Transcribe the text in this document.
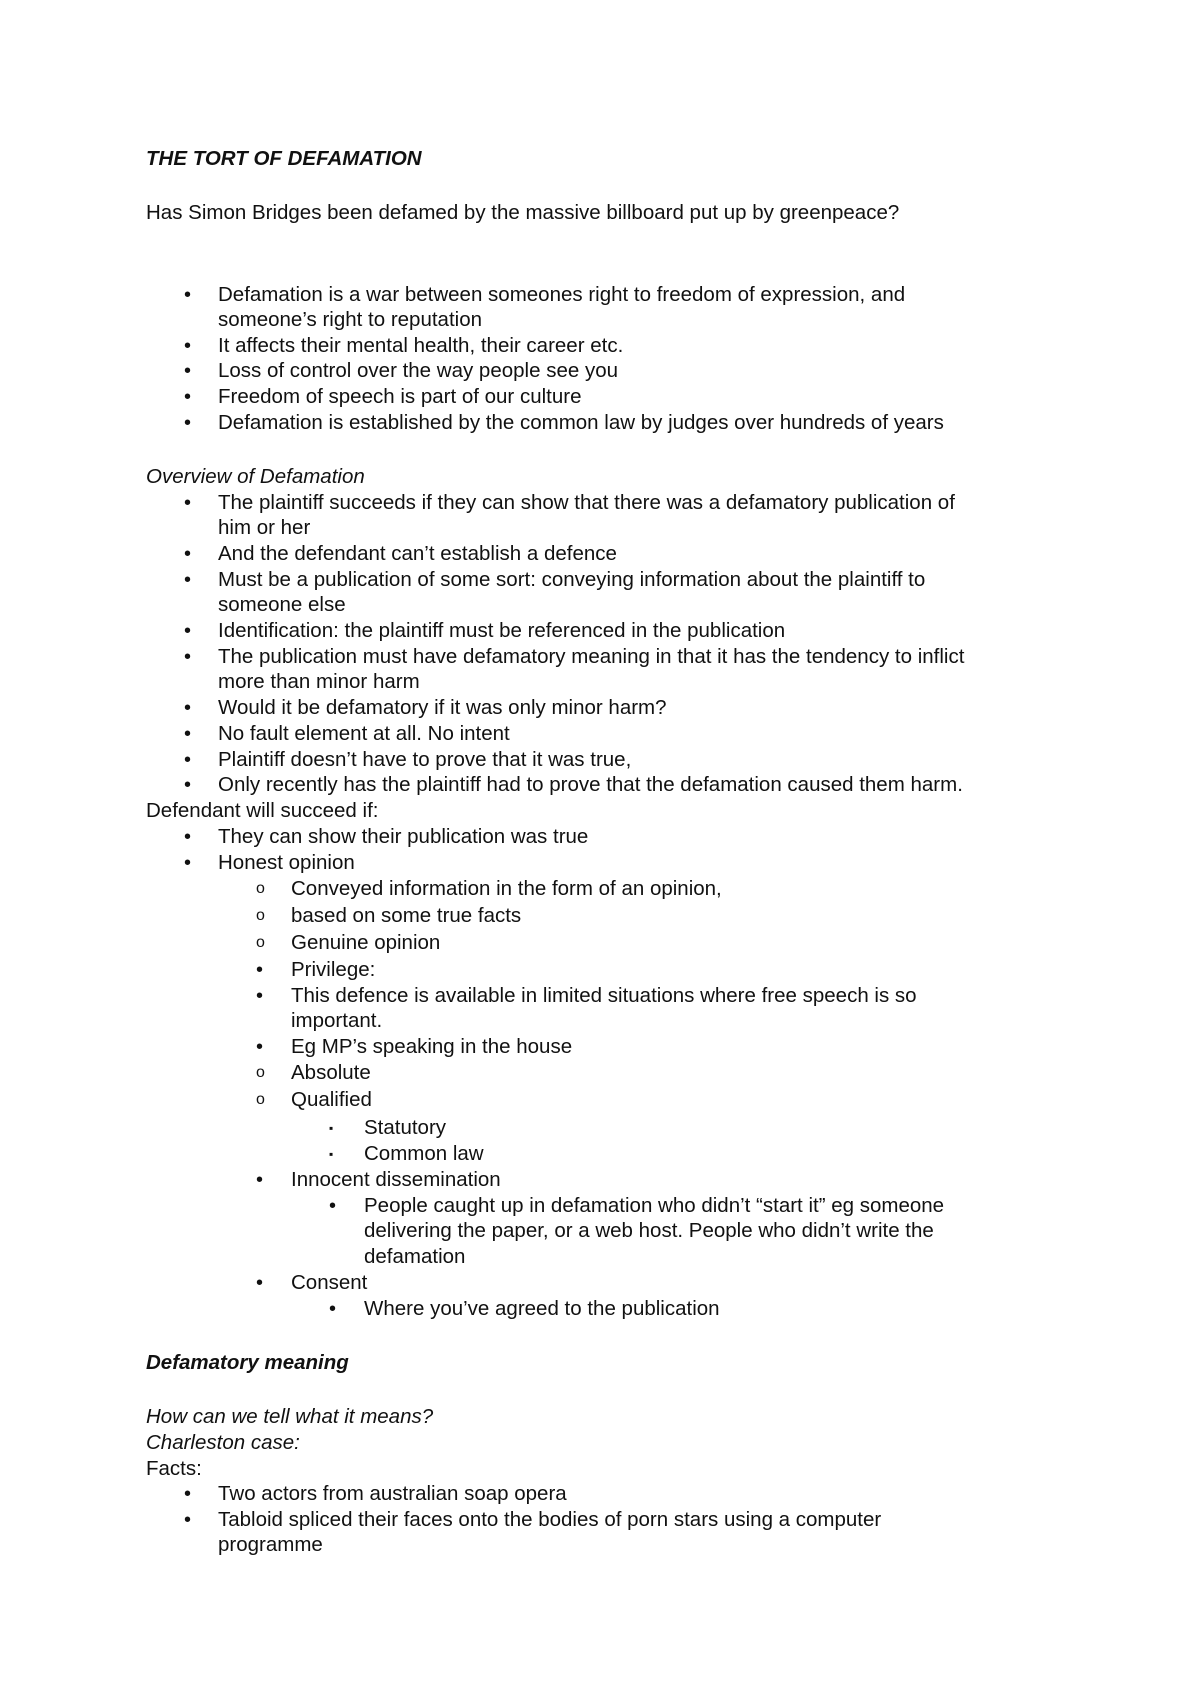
THE TORT OF DEFAMATION
Has Simon Bridges been defamed by the massive billboard put up by greenpeace?
• Defamation is a war between someones right to freedom of expression, and
someone’s right to reputation
• It affects their mental health, their career etc.
• Loss of control over the way people see you
• Freedom of speech is part of our culture
• Defamation is established by the common law by judges over hundreds of years
Overview of Defamation
• The plaintiff succeeds if they can show that there was a defamatory publication of
him or her
• And the defendant can’t establish a defence
• Must be a publication of some sort: conveying information about the plaintiff to
someone else
• Identification: the plaintiff must be referenced in the publication
• The publication must have defamatory meaning in that it has the tendency to inflict
more than minor harm
• Would it be defamatory if it was only minor harm?
• No fault element at all. No intent
• Plaintiff doesn’t have to prove that it was true,
• Only recently has the plaintiff had to prove that the defamation caused them harm.
Defendant will succeed if:
• They can show their publication was true
• Honest opinion
o Conveyed information in the form of an opinion,
o based on some true facts
o Genuine opinion
• Privilege:
• This defence is available in limited situations where free speech is so
important.
• Eg MP’s speaking in the house
o Absolute
o Qualified
▪ Statutory
▪ Common law
• Innocent dissemination
• People caught up in defamation who didn’t “start it” eg someone
delivering the paper, or a web host. People who didn’t write the
defamation
• Consent
• Where you’ve agreed to the publication
Defamatory meaning
How can we tell what it means?
Charleston case:
Facts:
• Two actors from australian soap opera
• Tabloid spliced their faces onto the bodies of porn stars using a computer
programme
